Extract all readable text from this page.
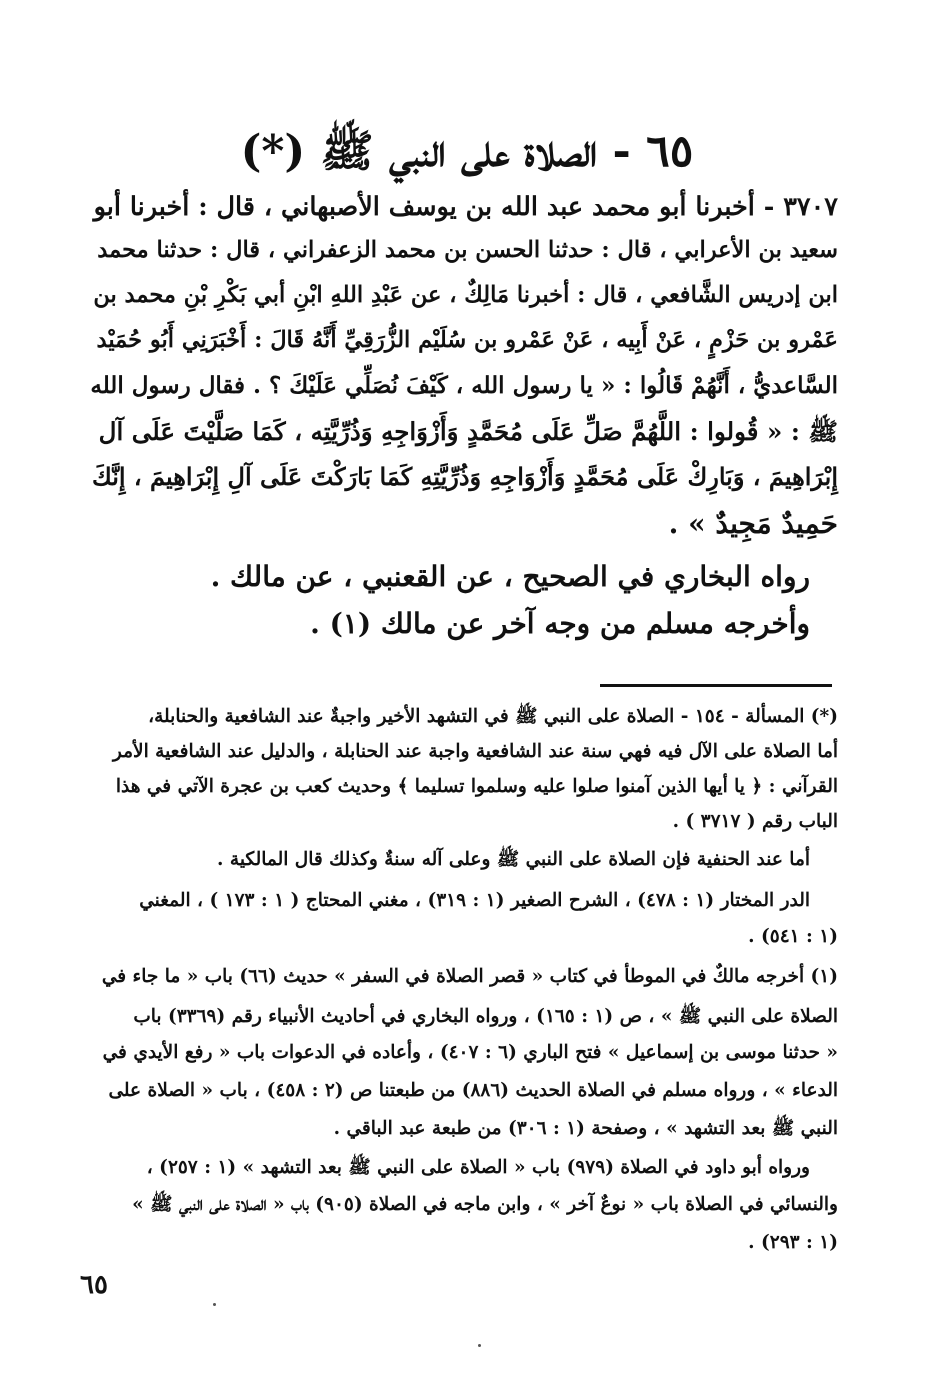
٦٥ - الصلاة على النبي ﷺ (*)
٣٧٠٧ - أخبرنا أبو محمد عبد الله بن يوسف الأصبهاني ، قال : أخبرنا أبو
سعيد بن الأعرابي ، قال : حدثنا الحسن بن محمد الزعفراني ، قال : حدثنا محمد
ابن إدريس الشَّافعي ، قال : أخبرنا مَالِكٌ ، عن عَبْدِ اللهِ ابْنِ أبي بَكْرِ بْنِ محمد بن
عَمْرو بن حَزْمٍ ، عَنْ أَبِيه ، عَنْ عَمْرو بن سُلَيْم الزُّرَقِيِّ أَنَّهُ قَالَ : أَخْبَرَنِي أَبُو حُمَيْد
السَّاعديُّ ، أَنَّهُمْ قَالُوا : « يا رسول الله ، كَيْفَ نُصَلِّي عَلَيْكَ ؟ . فقال رسول الله
ﷺ : « قُولوا : اللَّهُمَّ صَلِّ عَلَى مُحَمَّدٍ وَأَزْوَاجِهِ وَذُرِّيَّتِه ، كَمَا صَلَّيْتَ عَلَى آل
إِبْرَاهِيمَ ، وَبَارِكْ عَلَى مُحَمَّدٍ وَأَزْوَاجِهِ وَذُرِّيَّتِهِ كَمَا بَارَكْتَ عَلَى آلِ إِبْرَاهِيمَ ، إِنَّكَ
حَمِيدٌ مَجِيدٌ » .
رواه البخاري في الصحيح ، عن القعنبي ، عن مالك .
وأخرجه مسلم من وجه آخر عن مالك (١) .
(*) المسألة - ١٥٤ - الصلاة على النبي ﷺ في التشهد الأخير واجبةٌ عند الشافعية والحنابلة،
أما الصلاة على الآل فيه فهي سنة عند الشافعية واجبة عند الحنابلة ، والدليل عند الشافعية الأمر
القرآني : ﴿ يا أيها الذين آمنوا صلوا عليه وسلموا تسليما ﴾ وحديث كعب بن عجرة الآتي في هذا
الباب رقم ( ٣٧١٧ ) .
أما عند الحنفية فإن الصلاة على النبي ﷺ وعلى آله سنةٌ وكذلك قال المالكية .
الدر المختار (١ : ٤٧٨) ، الشرح الصغير (١ : ٣١٩) ، مغني المحتاج ( ١ : ١٧٣ ) ، المغني
(١ : ٥٤١) .
(١) أخرجه مالكٌ في الموطأ في كتاب « قصر الصلاة في السفر » حديث (٦٦) باب « ما جاء في
الصلاة على النبي ﷺ » ، ص (١ : ١٦٥) ، ورواه البخاري في أحاديث الأنبياء رقم (٣٣٦٩) باب
« حدثنا موسى بن إسماعيل » فتح الباري (٦ : ٤٠٧) ، وأعاده في الدعوات باب « رفع الأيدي في
الدعاء » ، ورواه مسلم في الصلاة الحديث (٨٨٦) من طبعتنا ص (٢ : ٤٥٨) ، باب « الصلاة على
النبي ﷺ بعد التشهد » ، وصفحة (١ : ٣٠٦) من طبعة عبد الباقي .
ورواه أبو داود في الصلاة (٩٧٩) باب « الصلاة على النبي ﷺ بعد التشهد » (١ : ٢٥٧) ،
والنسائي في الصلاة باب « نوعٌ آخر » ، وابن ماجه في الصلاة (٩٠٥) باب « الصلاة على النبي ﷺ »
(١ : ٢٩٣) .
٦٥
